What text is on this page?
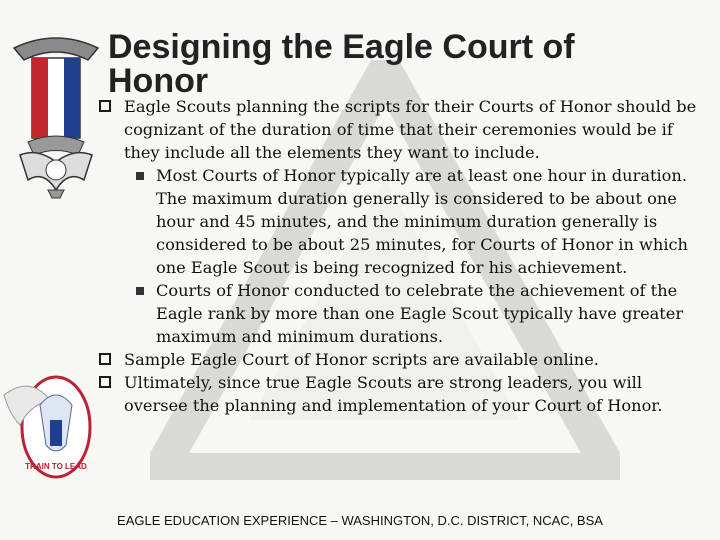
TRAIN TO LEAD
Designing the Eagle Court of Honor
Eagle Scouts planning the scripts for their Courts of Honor should be cognizant of the duration of time that their ceremonies would be if they include all the elements they want to include.
Most Courts of Honor typically are at least one hour in duration. The maximum duration generally is considered to be about one hour and 45 minutes, and the minimum duration generally is considered to be about 25 minutes, for Courts of Honor in which one Eagle Scout is being recognized for his achievement.
Courts of Honor conducted to celebrate the achievement of the Eagle rank by more than one Eagle Scout typically have greater maximum and minimum durations.
Sample Eagle Court of Honor scripts are available online.
Ultimately, since true Eagle Scouts are strong leaders, you will oversee the planning and implementation of your Court of Honor.
EAGLE EDUCATION EXPERIENCE – WASHINGTON, D.C. DISTRICT, NCAC, BSA
